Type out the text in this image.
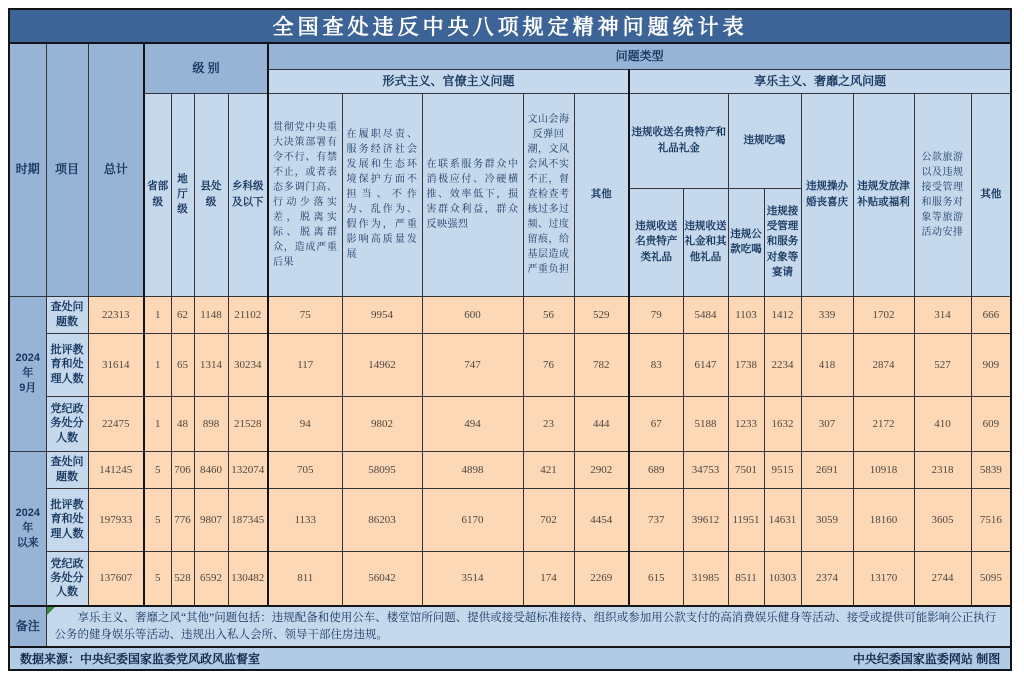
全国查处违反中央八项规定精神问题统计表																			
时期	项目	总计	级 别				问题类型												
							形式主义、官僚主义问题					享乐主义、奢靡之风问题							
			省部级	地厅级	县处级	乡科级及以下	贯彻党中央重大决策部署有令不行、有禁不止，或者表态多调门高、行动少落实差，脱离实际、脱离群众，造成严重后果	在履职尽责、服务经济社会发展和生态环境保护方面不担当、不作为、乱作为、假作为，严重影响高质量发展	在联系服务群众中消极应付、冷硬横推、效率低下，损害群众利益，群众反映强烈	文山会海反弹回潮，文风会风不实不正，督查检查考核过多过频、过度留痕，给基层造成严重负担	其他	违规收送名贵特产和礼品礼金		违规吃喝		违规操办婚丧喜庆	违规发放津补贴或福利	公款旅游以及违规接受管理和服务对象等旅游活动安排	其他
												违规收送名贵特产类礼品	违规收送礼金和其他礼品	违规公款吃喝	违规接受管理和服务对象等宴请				

2024年
9月	查处问题数	22313	1	62	1148	21102	75	9954	600	56	529	79	5484	1103	1412	339	1702	314	666
	批评教育和处理人数	31614	1	65	1314	30234	117	14962	747	76	782	83	6147	1738	2234	418	2874	527	909
	党纪政务处分人数	22475	1	48	898	21528	94	9802	494	23	444	67	5188	1233	1632	307	2172	410	609

2024年
以来	查处问题数	141245	5	706	8460	132074	705	58095	4898	421	2902	689	34753	7501	9515	2691	10918	2318	5839
	批评教育和处理人数	197933	5	776	9807	187345	1133	86203	6170	702	4454	737	39612	11951	14631	3059	18160	3605	7516
	党纪政务处分人数	137607	5	528	6592	130482	811	56042	3514	174	2269	615	31985	8511	10303	2374	13170	2744	5095
备注	享乐主义、奢靡之风“其他”问题包括：违规配备和使用公车、楼堂馆所问题、提供或接受超标准接待、组织或参加用公款支付的高消费娱乐健身等活动、接受或提供可能影响公正执行公务的健身娱乐等活动、违规出入私人会所、领导干部住房违规。																		

数据来源：中央纪委国家监委党风政风监督室 中央纪委国家监委网站 制图																			
